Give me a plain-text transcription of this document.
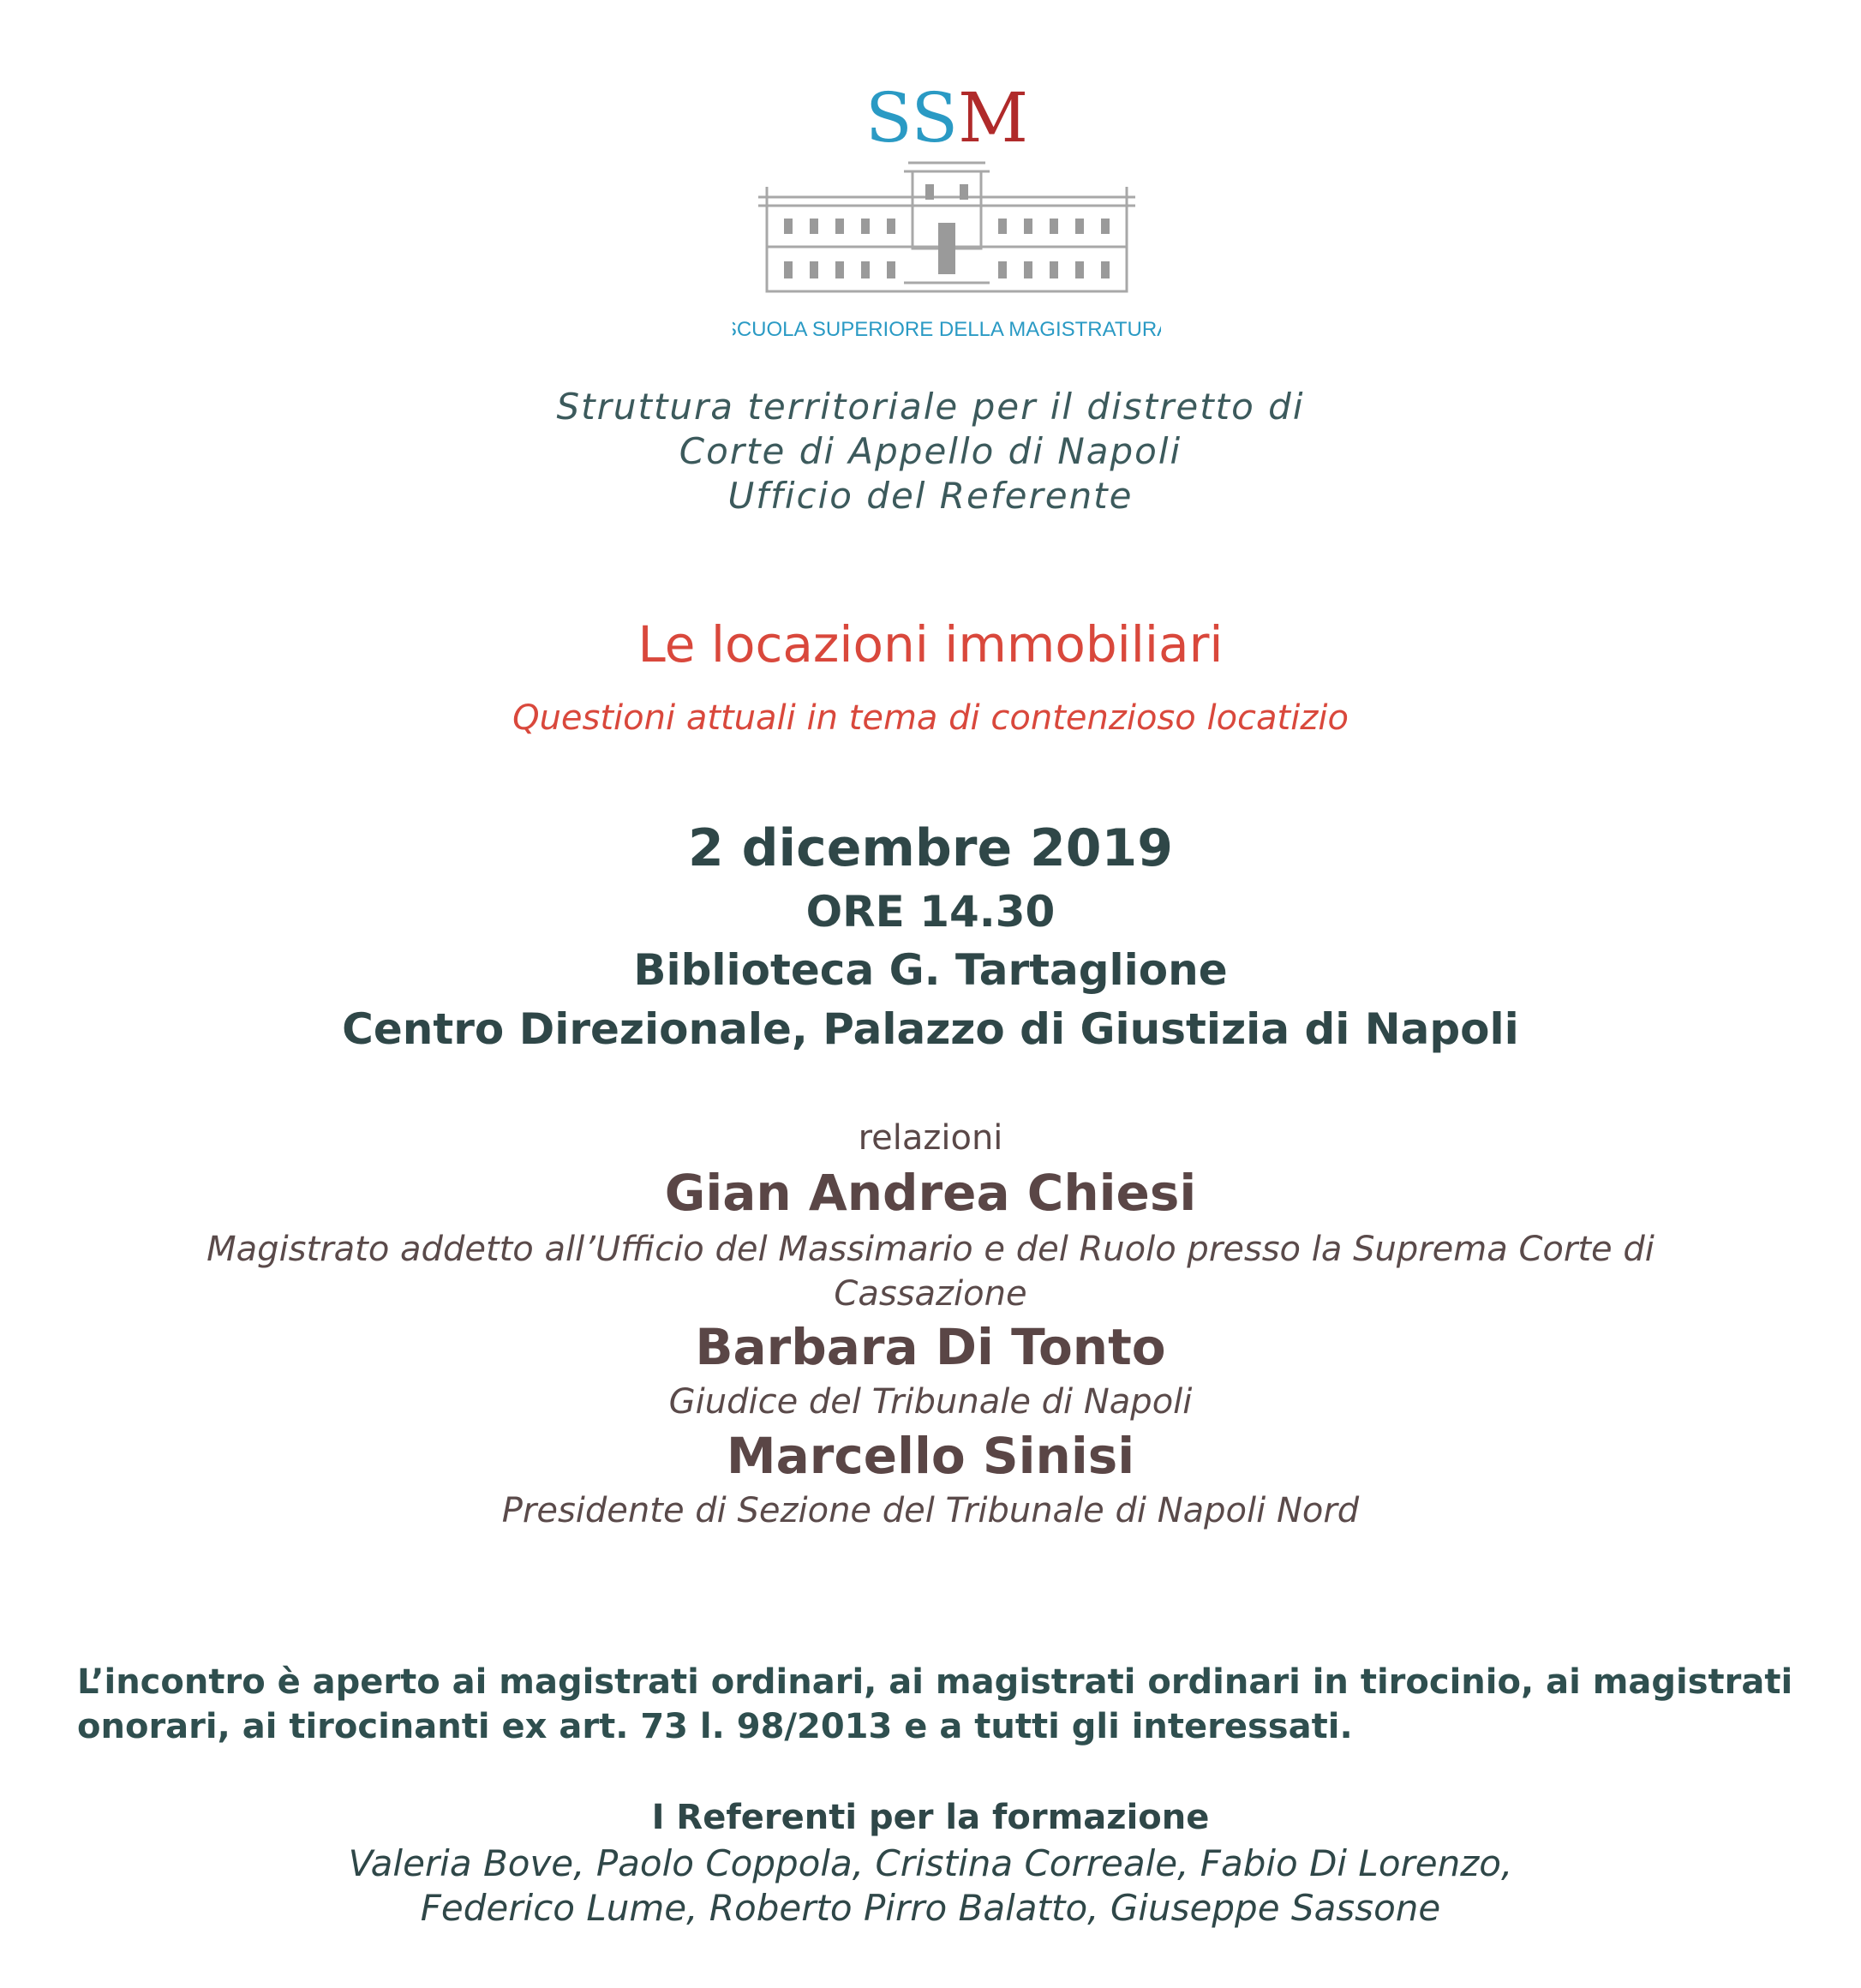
SSM
SCUOLA SUPERIORE DELLA MAGISTRATURA
Struttura territoriale per il distretto di
Corte di Appello di Napoli
Ufficio del Referente
Le locazioni immobiliari
Questioni attuali in tema di contenzioso locatizio
2 dicembre 2019
ORE 14.30
Biblioteca G. Tartaglione
Centro Direzionale, Palazzo di Giustizia di Napoli
relazioni
Gian Andrea Chiesi
Magistrato addetto all’Ufficio del Massimario e del Ruolo presso la Suprema Corte di
Cassazione
Barbara Di Tonto
Giudice del Tribunale di Napoli
Marcello Sinisi
Presidente di Sezione del Tribunale di Napoli Nord
L’incontro è aperto ai magistrati ordinari, ai magistrati ordinari in tirocinio, ai magistrati
onorari, ai tirocinanti ex art. 73 l. 98/2013 e a tutti gli interessati.
I Referenti per la formazione
Valeria Bove, Paolo Coppola, Cristina Correale, Fabio Di Lorenzo,
Federico Lume, Roberto Pirro Balatto, Giuseppe Sassone
